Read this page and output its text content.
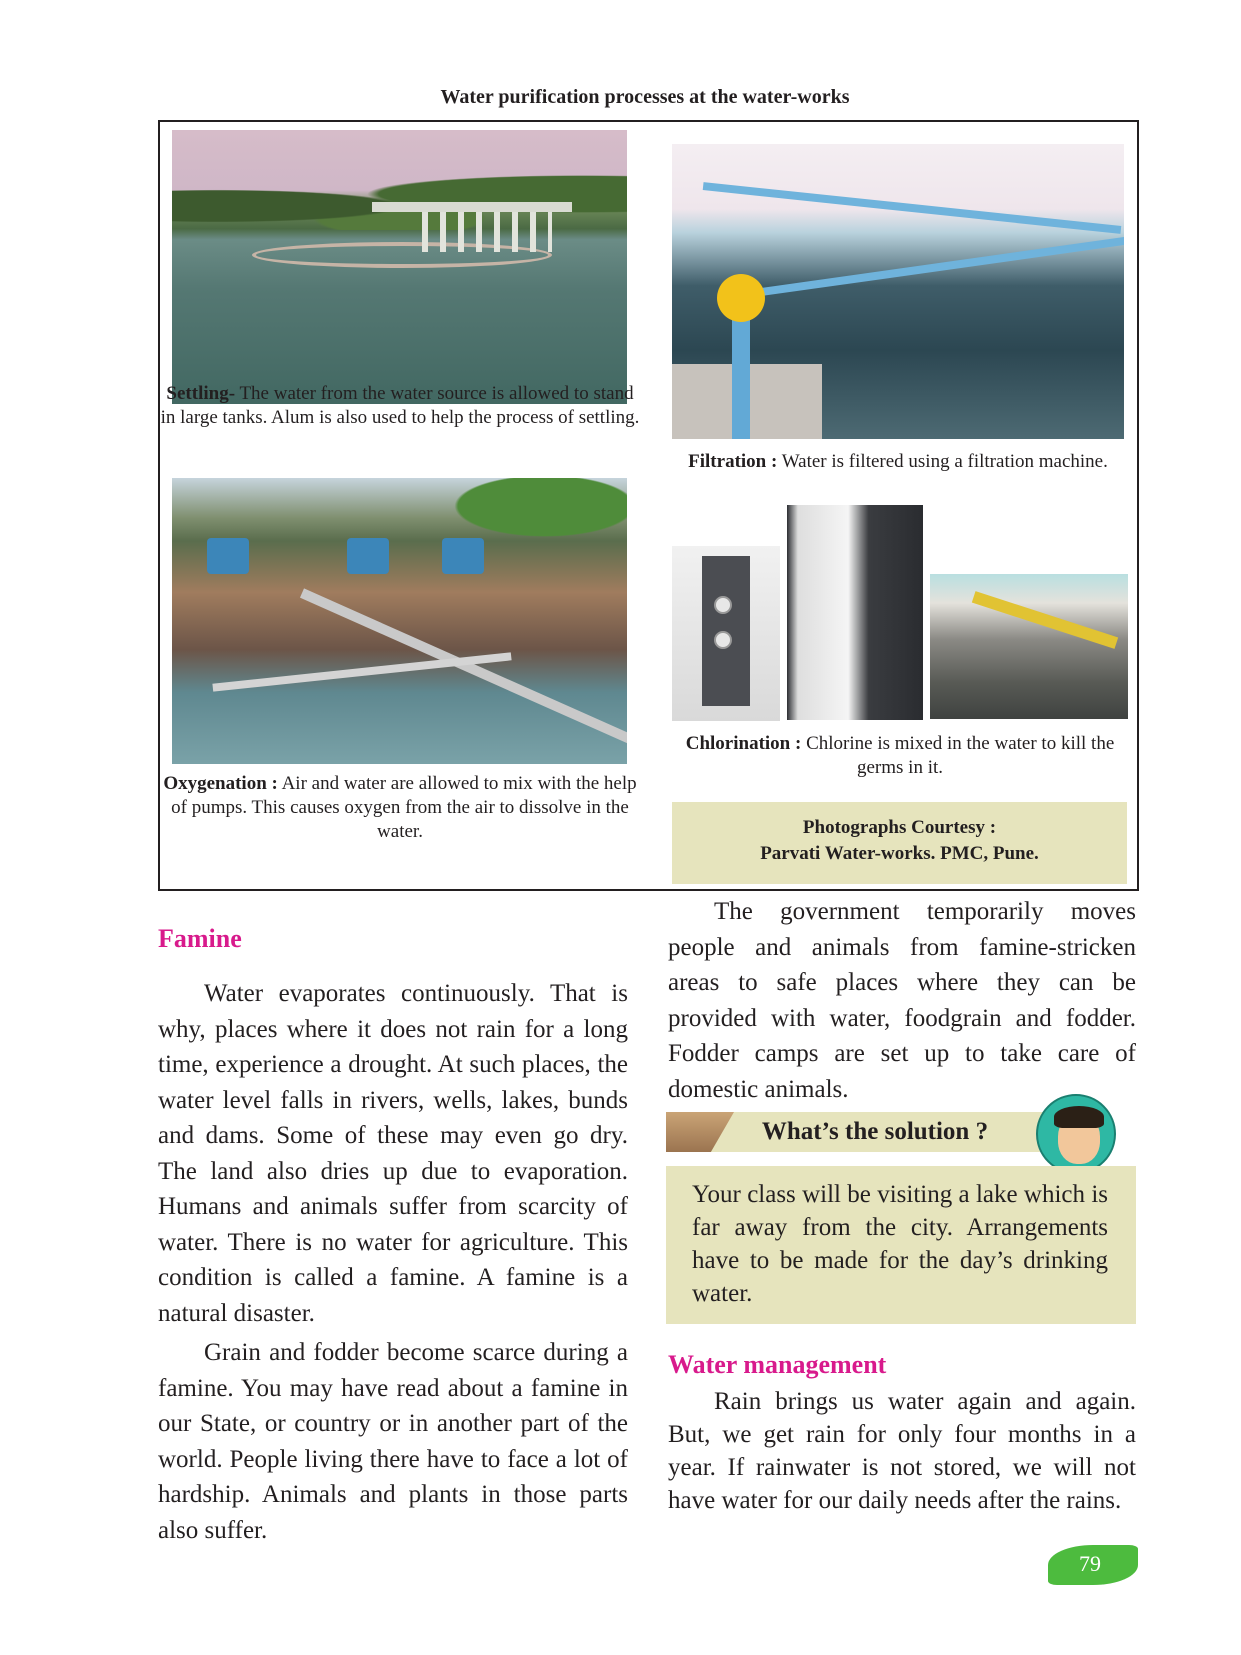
Water purification processes at the water-works
Settling- The water from the water source is allowed to stand in large tanks. Alum is also used to help the process of settling.
Filtration : Water is filtered using a filtration machine.
Oxygenation : Air and water are allowed to mix with the help of pumps. This causes oxygen from the air to dissolve in the water.
Chlorination : Chlorine is mixed in the water to kill the germs in it.
Photographs Courtesy :
Parvati Water-works. PMC, Pune.
Famine

Water evaporates continuously. That is why, places where it does not rain for a long time, experience a drought. At such places, the water level falls in rivers, wells, lakes, bunds and dams. Some of these may even go dry. The land also dries up due to evaporation. Humans and animals suffer from scarcity of water. There is no water for agriculture. This condition is called a famine. A famine is a natural disaster.

Grain and fodder become scarce during a famine. You may have read about a famine in our State, or country or in another part of the world. People living there have to face a lot of hardship. Animals and plants in those parts also suffer.

The government temporarily moves people and animals from famine-stricken areas to safe places where they can be provided with water, foodgrain and fodder. Fodder camps are set up to take care of domestic animals.

What’s the solution ?
Your class will be visiting a lake which is far away from the city. Arrangements have to be made for the day’s drinking water.
Water management

Rain brings us water again and again. But, we get rain for only four months in a year. If rainwater is not stored, we will not have water for our daily needs after the rains.

79
